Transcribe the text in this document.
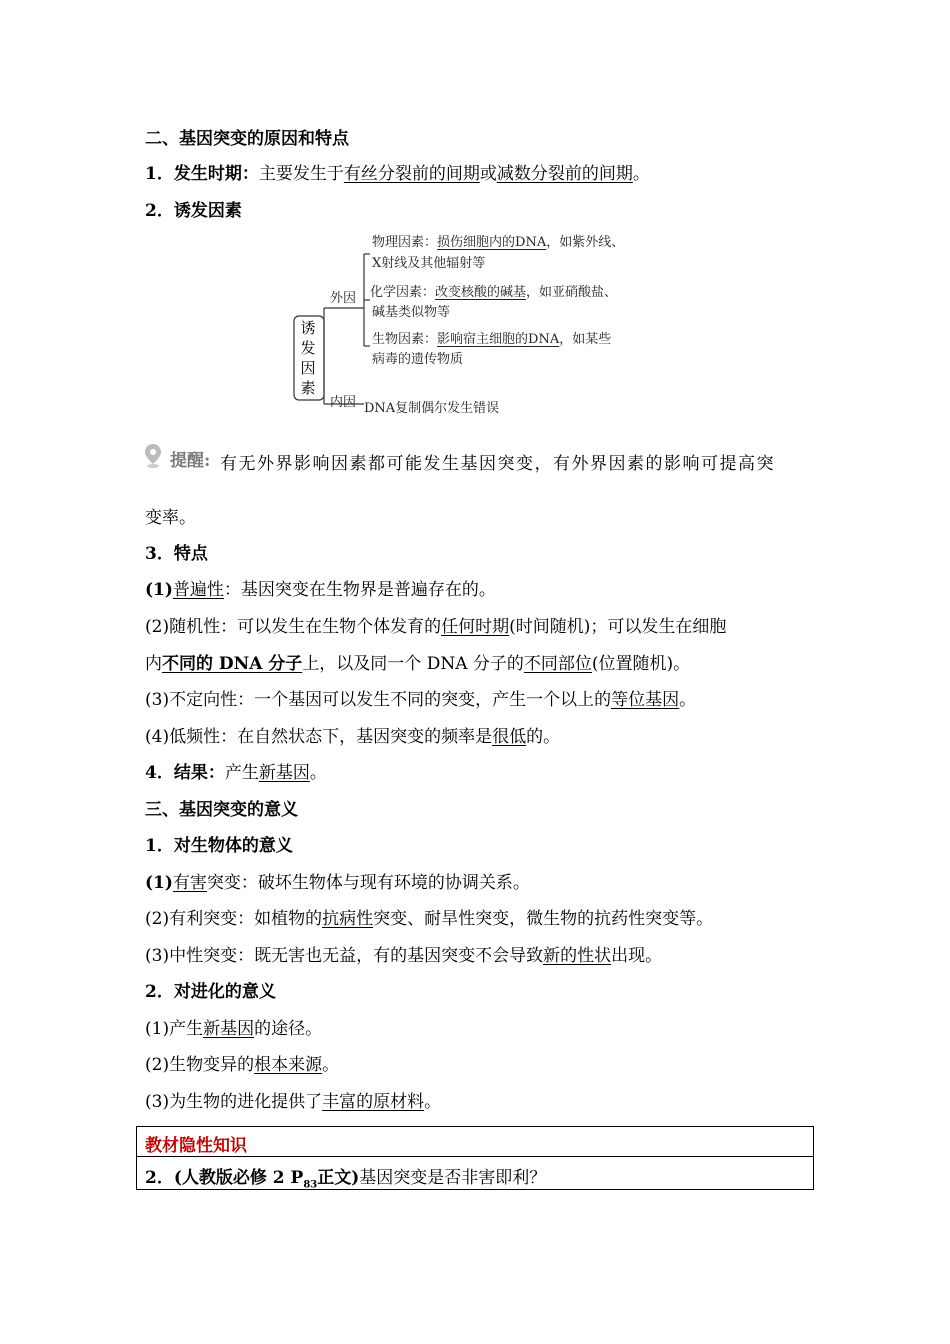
二、基因突变的原因和特点
1．发生时期：主要发生于有丝分裂前的间期或减数分裂前的间期。
2．诱发因素
诱发因素
外因
内因
物理因素：损伤细胞内的DNA，如紫外线、
X射线及其他辐射等
化学因素：改变核酸的碱基，如亚硝酸盐、
碱基类似物等
生物因素：影响宿主细胞的DNA，如某些
病毒的遗传物质
DNA复制偶尔发生错误
提醒: 有无外界影响因素都可能发生基因突变，有外界因素的影响可提高突
变率。
3．特点
(1)普遍性：基因突变在生物界是普遍存在的。
(2)随机性：可以发生在生物个体发育的任何时期(时间随机)；可以发生在细胞
内不同的 DNA 分子上，以及同一个 DNA 分子的不同部位(位置随机)。
(3)不定向性：一个基因可以发生不同的突变，产生一个以上的等位基因。
(4)低频性：在自然状态下，基因突变的频率是很低的。
4．结果：产生新基因。
三、基因突变的意义
1．对生物体的意义
(1)有害突变：破坏生物体与现有环境的协调关系。
(2)有利突变：如植物的抗病性突变、耐旱性突变，微生物的抗药性突变等。
(3)中性突变：既无害也无益，有的基因突变不会导致新的性状出现。
2．对进化的意义
(1)产生新基因的途径。
(2)生物变异的根本来源。
(3)为生物的进化提供了丰富的原材料。
教材隐性知识
2．(人教版必修 2 $P_{83}$正文)基因突变是否非害即利？
